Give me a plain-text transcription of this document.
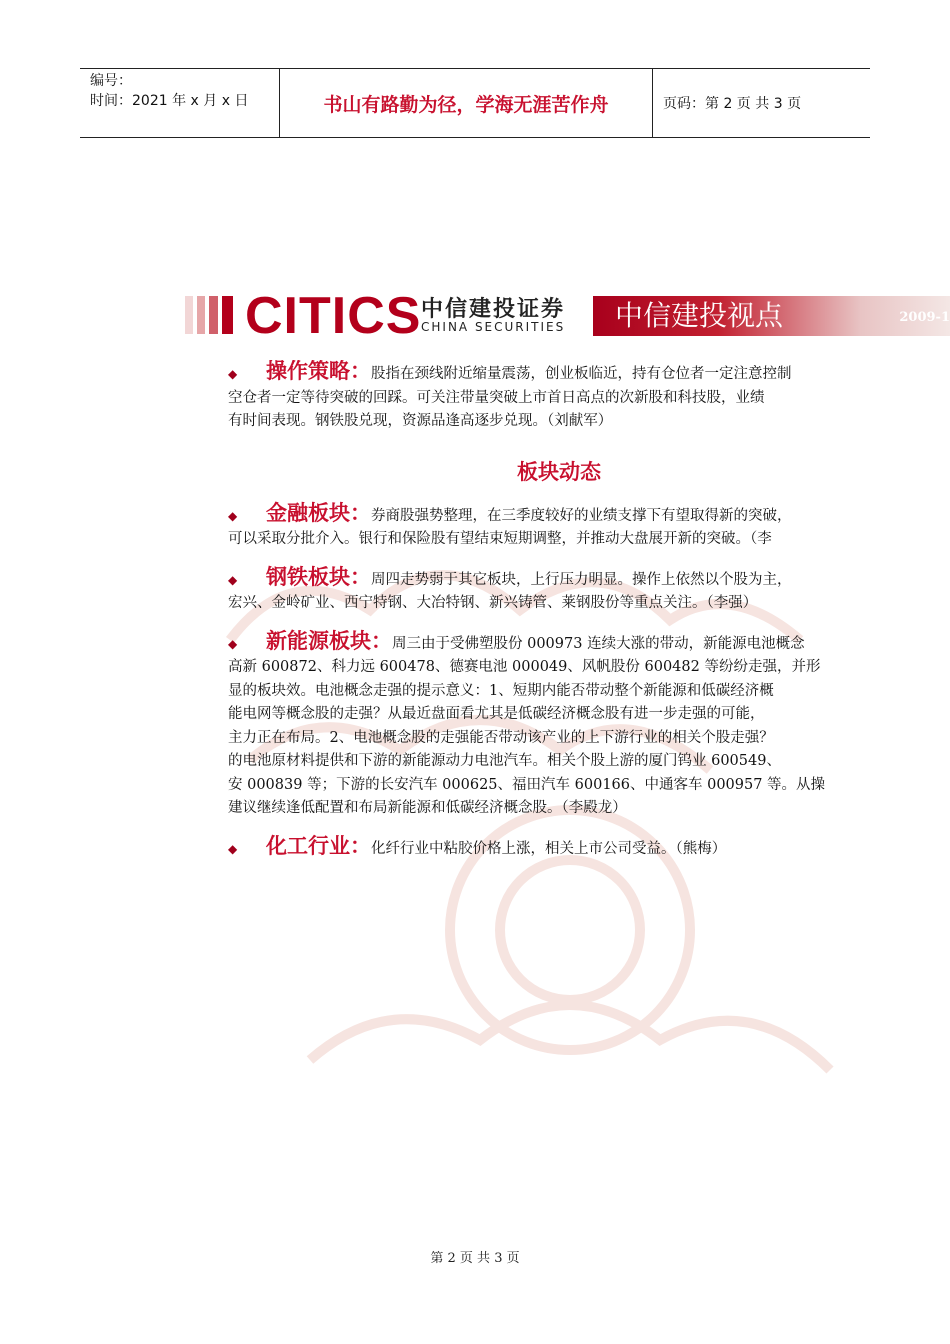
编号：
时间：2021 年 x 月 x 日	书山有路勤为径，学海无涯苦作舟	页码：第 2 页 共 3 页
CITICS 中信建投证券
CHINA SECURITIES 中信建投视点	2009-1
◆ 操作策略：股指在颈线附近缩量震荡，创业板临近，持有仓位者一定注意控制
空仓者一定等待突破的回踩。可关注带量突破上市首日高点的次新股和科技股，业绩
有时间表现。钢铁股兑现，资源品逢高逐步兑现。（刘献军）
板块动态
◆ 金融板块：券商股强势整理，在三季度较好的业绩支撑下有望取得新的突破，
可以采取分批介入。银行和保险股有望结束短期调整，并推动大盘展开新的突破。（李
◆ 钢铁板块：周四走势弱于其它板块，上行压力明显。操作上依然以个股为主，
宏兴、金岭矿业、西宁特钢、大冶特钢、新兴铸管、莱钢股份等重点关注。（李强）
◆ 新能源板块：周三由于受佛塑股份 000973 连续大涨的带动，新能源电池概念
高新 600872、科力远 600478、德赛电池 000049、风帆股份 600482 等纷纷走强，并形
显的板块效。电池概念走强的提示意义：1、短期内能否带动整个新能源和低碳经济概
能电网等概念股的走强？从最近盘面看尤其是低碳经济概念股有进一步走强的可能，
主力正在布局。2、电池概念股的走强能否带动该产业的上下游行业的相关个股走强？
的电池原材料提供和下游的新能源动力电池汽车。相关个股上游的厦门钨业 600549、
安 000839 等；下游的长安汽车 000625、福田汽车 600166、中通客车 000957 等。从操
建议继续逢低配置和布局新能源和低碳经济概念股。（李殿龙）
◆ 化工行业：化纤行业中粘胶价格上涨，相关上市公司受益。（熊梅）
第 2 页 共 3 页
